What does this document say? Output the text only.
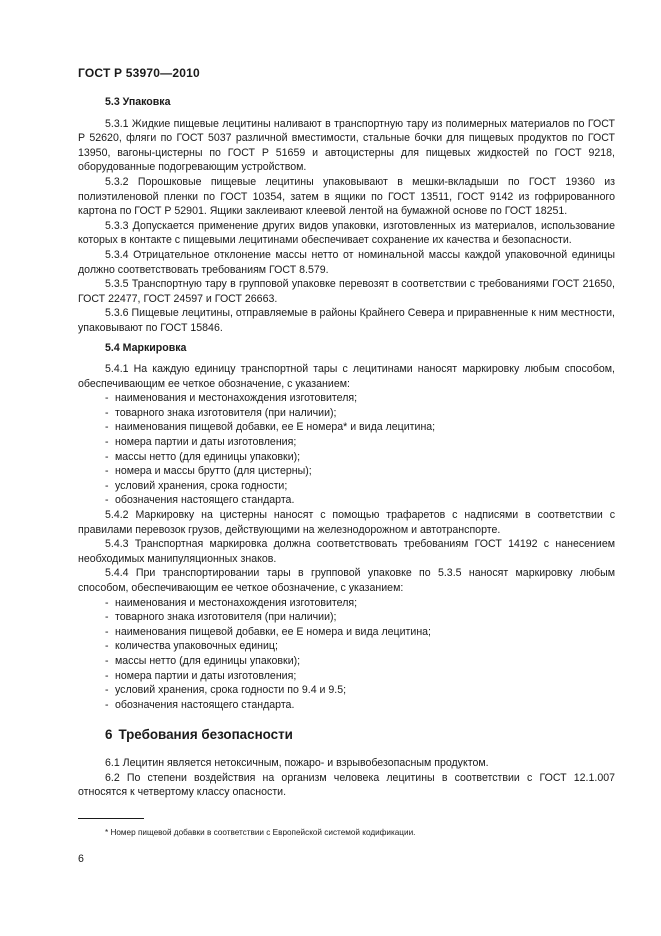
ГОСТ Р 53970—2010
5.3 Упаковка

5.3.1 Жидкие пищевые лецитины наливают в транспортную тару из полимерных материалов по ГОСТ Р 52620, фляги по ГОСТ 5037 различной вместимости, стальные бочки для пищевых продуктов по ГОСТ 13950, вагоны-цистерны по ГОСТ Р 51659 и автоцистерны для пищевых жидкостей по ГОСТ 9218, оборудованные подогревающим устройством.

5.3.2 Порошковые пищевые лецитины упаковывают в мешки-вкладыши по ГОСТ 19360 из полиэтиленовой пленки по ГОСТ 10354, затем в ящики по ГОСТ 13511, ГОСТ 9142 из гофрированного картона по ГОСТ Р 52901. Ящики заклеивают клеевой лентой на бумажной основе по ГОСТ 18251.

5.3.3 Допускается применение других видов упаковки, изготовленных из материалов, использование которых в контакте с пищевыми лецитинами обеспечивает сохранение их качества и безопасности.

5.3.4 Отрицательное отклонение массы нетто от номинальной массы каждой упаковочной единицы должно соответствовать требованиям ГОСТ 8.579.

5.3.5 Транспортную тару в групповой упаковке перевозят в соответствии с требованиями ГОСТ 21650, ГОСТ 22477, ГОСТ 24597 и ГОСТ 26663.

5.3.6 Пищевые лецитины, отправляемые в районы Крайнего Севера и приравненные к ним местности, упаковывают по ГОСТ 15846.

5.4 Маркировка

5.4.1 На каждую единицу транспортной тары с лецитинами наносят маркировку любым способом, обеспечивающим ее четкое обозначение, с указанием:

- наименования и местонахождения изготовителя;
- товарного знака изготовителя (при наличии);
- наименования пищевой добавки, ее Е номера* и вида лецитина;
- номера партии и даты изготовления;
- массы нетто (для единицы упаковки);
- номера и массы брутто (для цистерны);
- условий хранения, срока годности;
- обозначения настоящего стандарта.

5.4.2 Маркировку на цистерны наносят с помощью трафаретов с надписями в соответствии с правилами перевозок грузов, действующими на железнодорожном и автотранспорте.

5.4.3 Транспортная маркировка должна соответствовать требованиям ГОСТ 14192 с нанесением необходимых манипуляционных знаков.

5.4.4 При транспортировании тары в групповой упаковке по 5.3.5 наносят маркировку любым способом, обеспечивающим ее четкое обозначение, с указанием:

- наименования и местонахождения изготовителя;
- товарного знака изготовителя (при наличии);
- наименования пищевой добавки, ее Е номера и вида лецитина;
- количества упаковочных единиц;
- массы нетто (для единицы упаковки);
- номера партии и даты изготовления;
- условий хранения, срока годности по 9.4 и 9.5;
- обозначения настоящего стандарта.
6 Требования безопасности

6.1 Лецитин является нетоксичным, пожаро- и взрывобезопасным продуктом.

6.2 По степени воздействия на организм человека лецитины в соответствии с ГОСТ 12.1.007 относятся к четвертому классу опасности.

* Номер пищевой добавки в соответствии с Европейской системой кодификации.
6
